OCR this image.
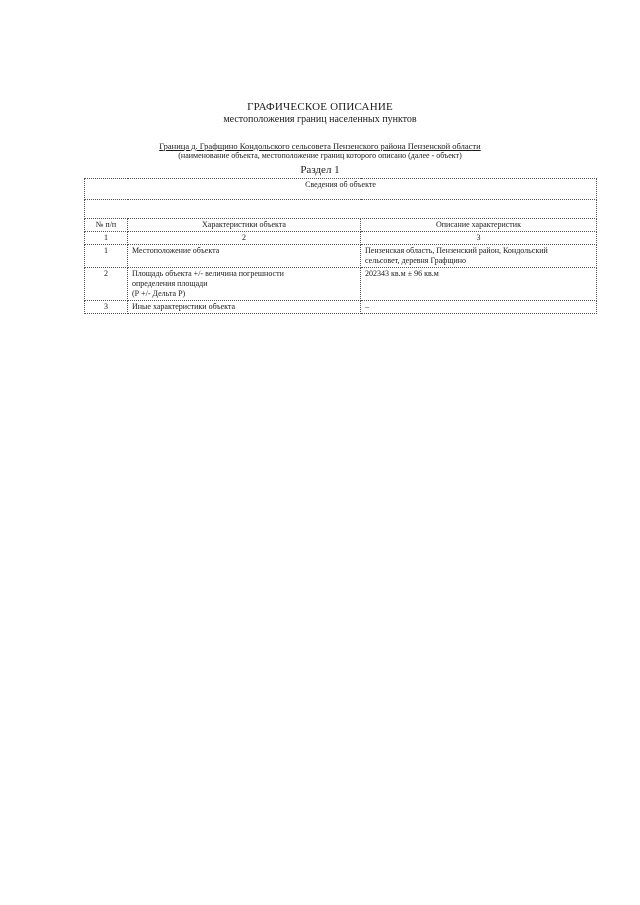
ГРАФИЧЕСКОЕ ОПИСАНИЕ
местоположения границ населенных пунктов
Граница д. Графщино Кондольского сельсовета Пензенского района Пензенской области
(наименование объекта, местоположение границ которого описано (далее - объект)
Раздел 1
Сведения об объекте		

№ п/п	Характеристики объекта	Описание характеристик
1	2	3
1	Местоположение объекта	Пензенская область, Пензенский район, Кондольский
сельсовет, деревня Графщино

2	Площадь объекта +/- величина погрешности
определения площади
(Р +/- Дельта Р)	202343 кв.м ± 96 кв.м

3	Иные характеристики объекта	–
